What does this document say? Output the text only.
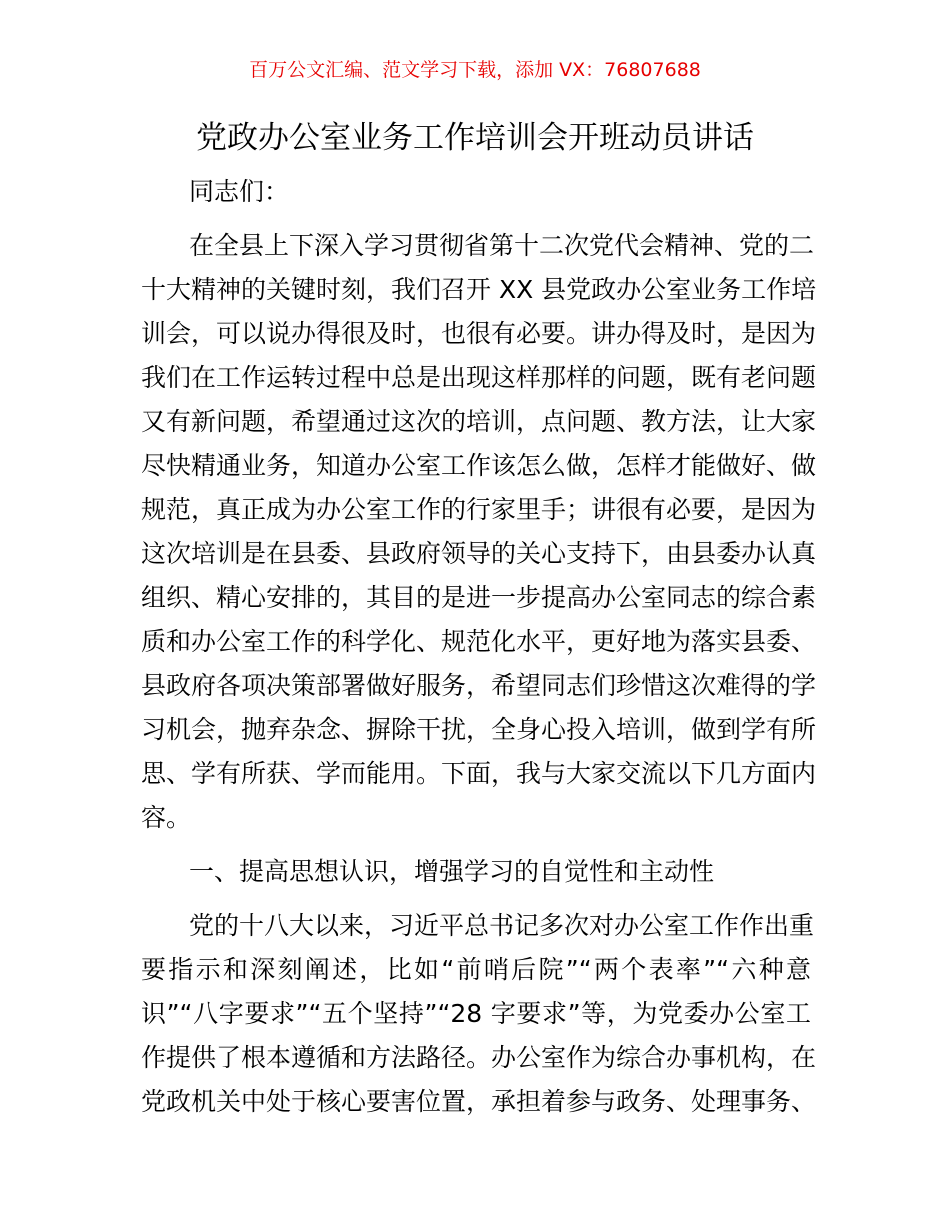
百万公文汇编、范文学习下载，添加 VX：76807688
党政办公室业务工作培训会开班动员讲话
同志们：
在全县上下深入学习贯彻省第十二次党代会精神、党的二
十大精神的关键时刻，我们召开 XX 县党政办公室业务工作培
训会，可以说办得很及时，也很有必要。讲办得及时，是因为
我们在工作运转过程中总是出现这样那样的问题，既有老问题
又有新问题，希望通过这次的培训，点问题、教方法，让大家
尽快精通业务，知道办公室工作该怎么做，怎样才能做好、做
规范，真正成为办公室工作的行家里手；讲很有必要，是因为
这次培训是在县委、县政府领导的关心支持下，由县委办认真
组织、精心安排的，其目的是进一步提高办公室同志的综合素
质和办公室工作的科学化、规范化水平，更好地为落实县委、
县政府各项决策部署做好服务，希望同志们珍惜这次难得的学
习机会，抛弃杂念、摒除干扰，全身心投入培训，做到学有所
思、学有所获、学而能用。下面，我与大家交流以下几方面内
容。
一、提高思想认识，增强学习的自觉性和主动性
党的十八大以来，习近平总书记多次对办公室工作作出重
要指示和深刻阐述，比如“前哨后院”“两个表率”“六种意
识”“八字要求”“五个坚持”“28 字要求”等，为党委办公室工
作提供了根本遵循和方法路径。办公室作为综合办事机构，在
党政机关中处于核心要害位置，承担着参与政务、处理事务、
